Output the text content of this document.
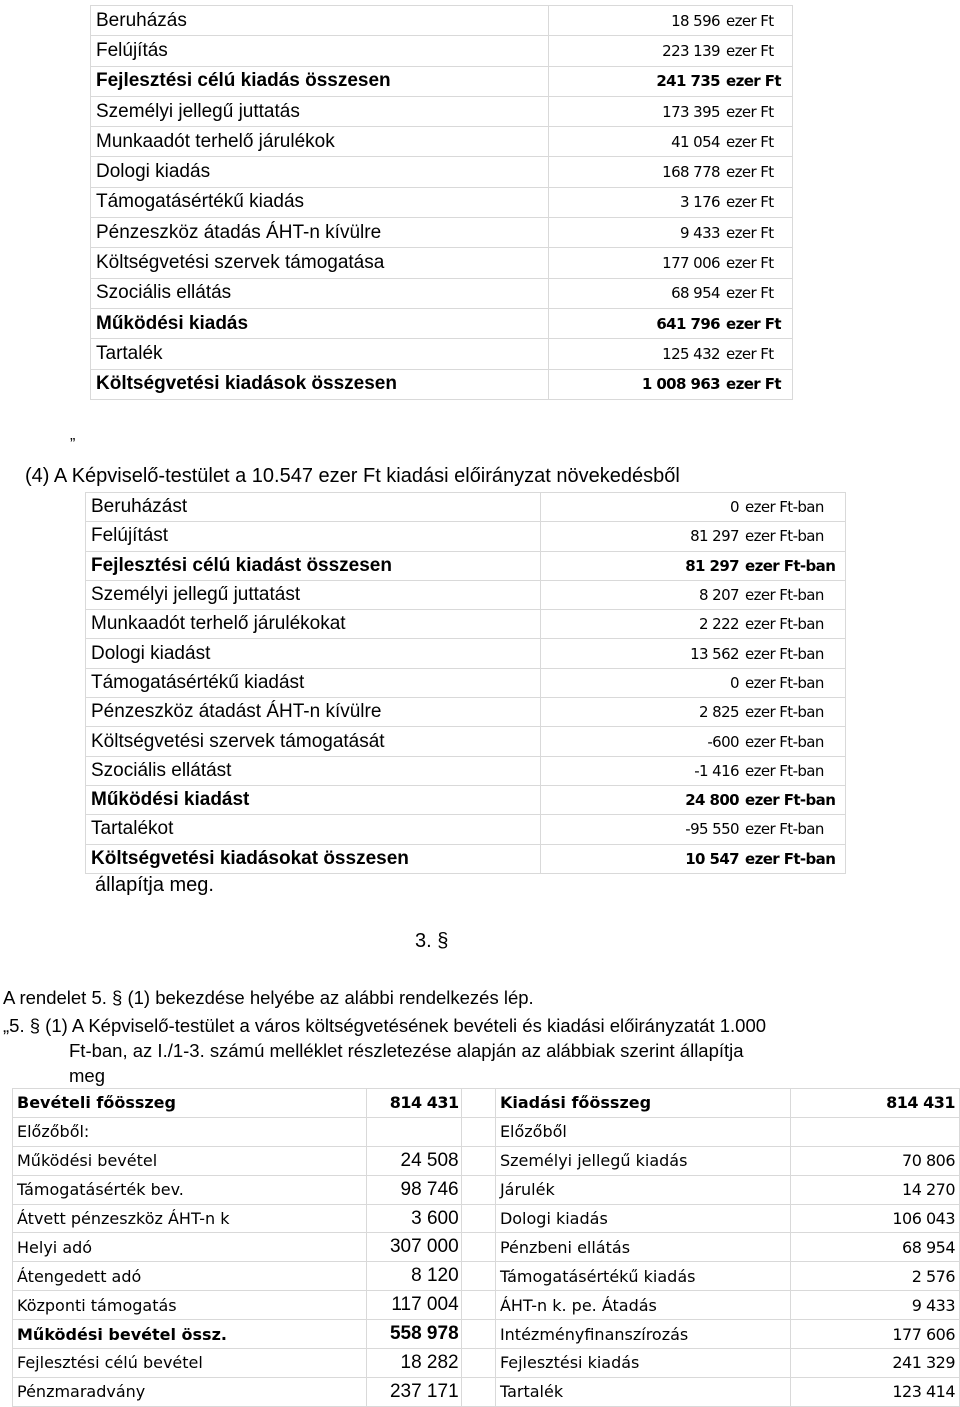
Beruházás	18 596 ezer Ft
Felújítás	223 139 ezer Ft
Fejlesztési célú kiadás összesen	241 735 ezer Ft
Személyi jellegű juttatás	173 395 ezer Ft
Munkaadót terhelő járulékok	41 054 ezer Ft
Dologi kiadás	168 778 ezer Ft
Támogatásértékű kiadás	3 176 ezer Ft
Pénzeszköz átadás ÁHT-n kívülre	9 433 ezer Ft
Költségvetési szervek támogatása	177 006 ezer Ft
Szociális ellátás	68 954 ezer Ft
Működési kiadás	641 796 ezer Ft
Tartalék	125 432 ezer Ft
Költségvetési kiadások összesen	1 008 963 ezer Ft
”
(4) A Képviselő-testület a 10.547 ezer Ft kiadási előirányzat növekedésből
Beruházást	0 ezer Ft-ban
Felújítást	81 297 ezer Ft-ban
Fejlesztési célú kiadást összesen	81 297 ezer Ft-ban
Személyi jellegű juttatást	8 207 ezer Ft-ban
Munkaadót terhelő járulékokat	2 222 ezer Ft-ban
Dologi kiadást	13 562 ezer Ft-ban
Támogatásértékű kiadást	0 ezer Ft-ban
Pénzeszköz átadást ÁHT-n kívülre	2 825 ezer Ft-ban
Költségvetési szervek támogatását	-600 ezer Ft-ban
Szociális ellátást	-1 416 ezer Ft-ban
Működési kiadást	24 800 ezer Ft-ban
Tartalékot	-95 550 ezer Ft-ban
Költségvetési kiadásokat összesen	10 547 ezer Ft-ban
állapítja meg.
3. §
A rendelet 5. § (1) bekezdése helyébe az alábbi rendelkezés lép.
„5. § (1) A Képviselő-testület a város költségvetésének bevételi és kiadási előirányzatát 1.000
Ft-ban, az I./1-3. számú melléklet részletezése alapján az alábbiak szerint állapítja
meg
Bevételi főösszeg	814 431		Kiadási főösszeg	814 431
Előzőből:			Előzőből	
Működési bevétel	24 508		Személyi jellegű kiadás	70 806
Támogatásérték bev.	98 746		Járulék	14 270
Átvett pénzeszköz ÁHT-n k	3 600		Dologi kiadás	106 043
Helyi adó	307 000		Pénzbeni ellátás	68 954
Átengedett adó	8 120		Támogatásértékű kiadás	2 576
Központi támogatás	117 004		ÁHT-n k. pe. Átadás	9 433
Működési bevétel össz.	558 978		Intézményfinanszírozás	177 606
Fejlesztési célú bevétel	18 282		Fejlesztési kiadás	241 329
Pénzmaradvány	237 171		Tartalék	123 414
